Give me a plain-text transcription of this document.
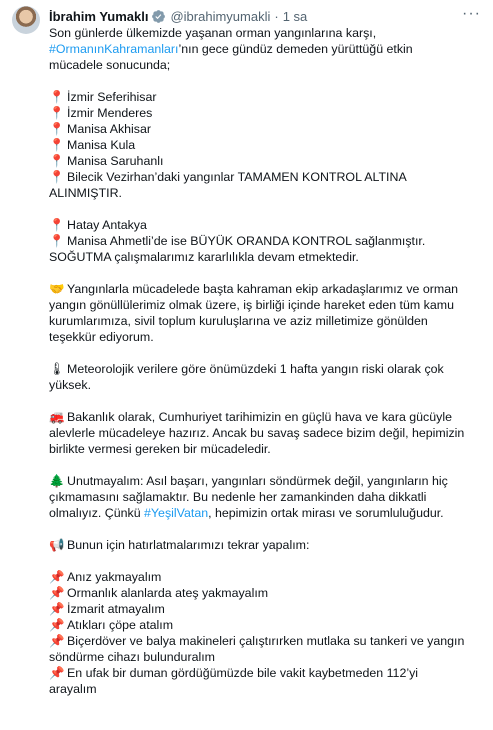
İbrahim Yumaklı @ibrahimyumakli · 1 sa	···
Son günlerde ülkemizde yaşanan orman yangınlarına karşı,
#OrmanınKahramanları’nın gece gündüz demeden yürüttüğü etkin
mücadele sonucunda;
📍 İzmir Seferihisar
📍 İzmir Menderes
📍 Manisa Akhisar
📍 Manisa Kula
📍 Manisa Saruhanlı
📍 Bilecik Vezirhan’daki yangınlar TAMAMEN KONTROL ALTINA
ALINMIŞTIR.
📍 Hatay Antakya
📍 Manisa Ahmetli’de ise BÜYÜK ORANDA KONTROL sağlanmıştır.
SOĞUTMA çalışmalarımız kararlılıkla devam etmektedir.
🤝 Yangınlarla mücadelede başta kahraman ekip arkadaşlarımız ve orman
yangın gönüllülerimiz olmak üzere, iş birliği içinde hareket eden tüm kamu
kurumlarımıza, sivil toplum kuruluşlarına ve aziz milletimize gönülden
teşekkür ediyorum.
🌡 Meteorolojik verilere göre önümüzdeki 1 hafta yangın riski olarak çok
yüksek.
🚒 Bakanlık olarak, Cumhuriyet tarihimizin en güçlü hava ve kara gücüyle
alevlerle mücadeleye hazırız. Ancak bu savaş sadece bizim değil, hepimizin
birlikte vermesi gereken bir mücadeledir.
🌲 Unutmayalım: Asıl başarı, yangınları söndürmek değil, yangınların hiç
çıkmamasını sağlamaktır. Bu nedenle her zamankinden daha dikkatli
olmalıyız. Çünkü #YeşilVatan, hepimizin ortak mirası ve sorumluluğudur.
📢 Bunun için hatırlatmalarımızı tekrar yapalım:
📌 Anız yakmayalım
📌 Ormanlık alanlarda ateş yakmayalım
📌 İzmarit atmayalım
📌 Atıkları çöpe atalım
📌 Biçerdöver ve balya makineleri çalıştırırken mutlaka su tankeri ve yangın
söndürme cihazı bulunduralım
📌 En ufak bir duman gördüğümüzde bile vakit kaybetmeden 112’yi
arayalım
